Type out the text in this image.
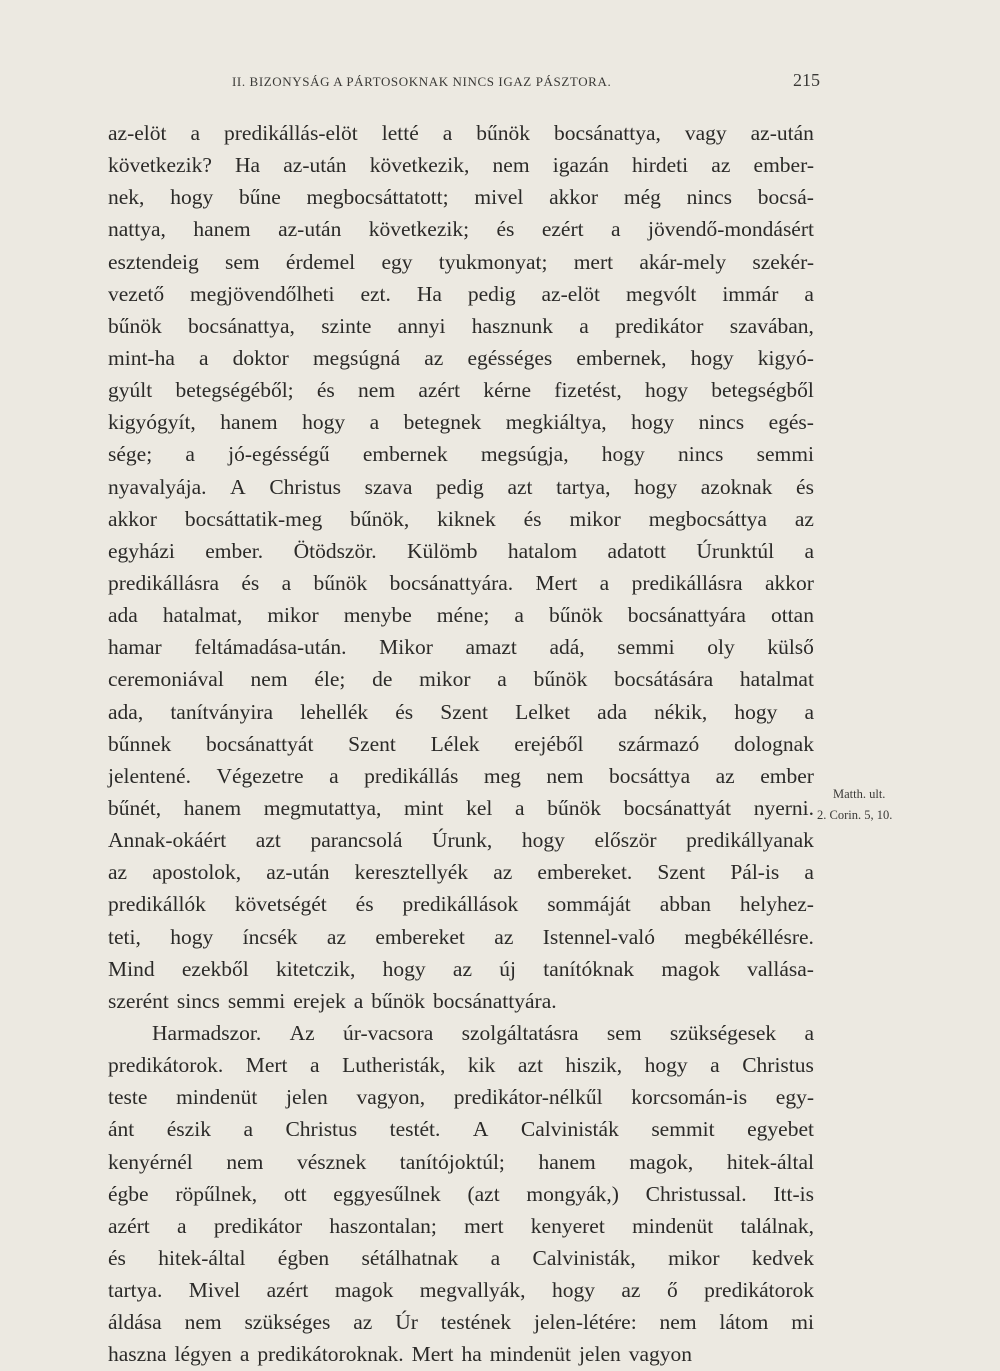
II. BIZONYSÁG A PÁRTOSOKNAK NINCS IGAZ PÁSZTORA.	215
az-elöt a predikállás-elöt letté a bűnök bocsánattya, vagy az-után
következik? Ha az-után következik, nem igazán hirdeti az ember-
nek, hogy bűne megbocsáttatott; mivel akkor még nincs bocsá-
nattya, hanem az-után következik; és ezért a jövendő-mondásért
esztendeig sem érdemel egy tyukmonyat; mert akár-mely szekér-
vezető megjövendőlheti ezt. Ha pedig az-elöt megvólt immár a
bűnök bocsánattya, szinte annyi hasznunk a predikátor szavában,
mint-ha a doktor megsúgná az egésséges embernek, hogy kigyó-
gyúlt betegségéből; és nem azért kérne fizetést, hogy betegségből
kigyógyít, hanem hogy a betegnek megkiáltya, hogy nincs egés-
sége; a jó-egésségű embernek megsúgja, hogy nincs semmi
nyavalyája. A Christus szava pedig azt tartya, hogy azoknak és
akkor bocsáttatik-meg bűnök, kiknek és mikor megbocsáttya az
egyházi ember. Ötödször. Külömb hatalom adatott Úrunktúl a
predikállásra és a bűnök bocsánattyára. Mert a predikállásra akkor
ada hatalmat, mikor menybe méne; a bűnök bocsánattyára ottan
hamar feltámadása-után. Mikor amazt adá, semmi oly külső
ceremoniával nem éle; de mikor a bűnök bocsátására hatalmat
ada, tanítványira lehellék és Szent Lelket ada nékik, hogy a
bűnnek bocsánattyát Szent Lélek erejéből származó dolognak
jelentené. Végezetre a predikállás meg nem bocsáttya az ember
bűnét, hanem megmutattya, mint kel a bűnök bocsánattyát nyerni.
Annak-okáért azt parancsolá Úrunk, hogy először predikállyanak
az apostolok, az-után keresztellyék az embereket. Szent Pál-is a
predikállók követségét és predikállások sommáját abban helyhez-
teti, hogy íncsék az embereket az Istennel-való megbékéllésre.
Mind ezekből kitetczik, hogy az új tanítóknak magok vallása-
szerént sincs semmi erejek a bűnök bocsánattyára.
Harmadszor. Az úr-vacsora szolgáltatásra sem szükségesek a
predikátorok. Mert a Lutheristák, kik azt hiszik, hogy a Christus
teste mindenüt jelen vagyon, predikátor-nélkűl korcsomán-is egy-
ánt észik a Christus testét. A Calvinisták semmit egyebet
kenyérnél nem vésznek tanítójoktúl; hanem magok, hitek-által
égbe röpűlnek, ott eggyesűlnek (azt mongyák,) Christussal. Itt-is
azért a predikátor haszontalan; mert kenyeret mindenüt találnak,
és hitek-által égben sétálhatnak a Calvinisták, mikor kedvek
tartya. Mivel azért magok megvallyák, hogy az ő predikátorok
áldása nem szükséges az Úr testének jelen-létére: nem látom mi
haszna légyen a predikátoroknak. Mert ha mindenüt jelen vagyon
Matth. ult.
2. Corin. 5, 10.
